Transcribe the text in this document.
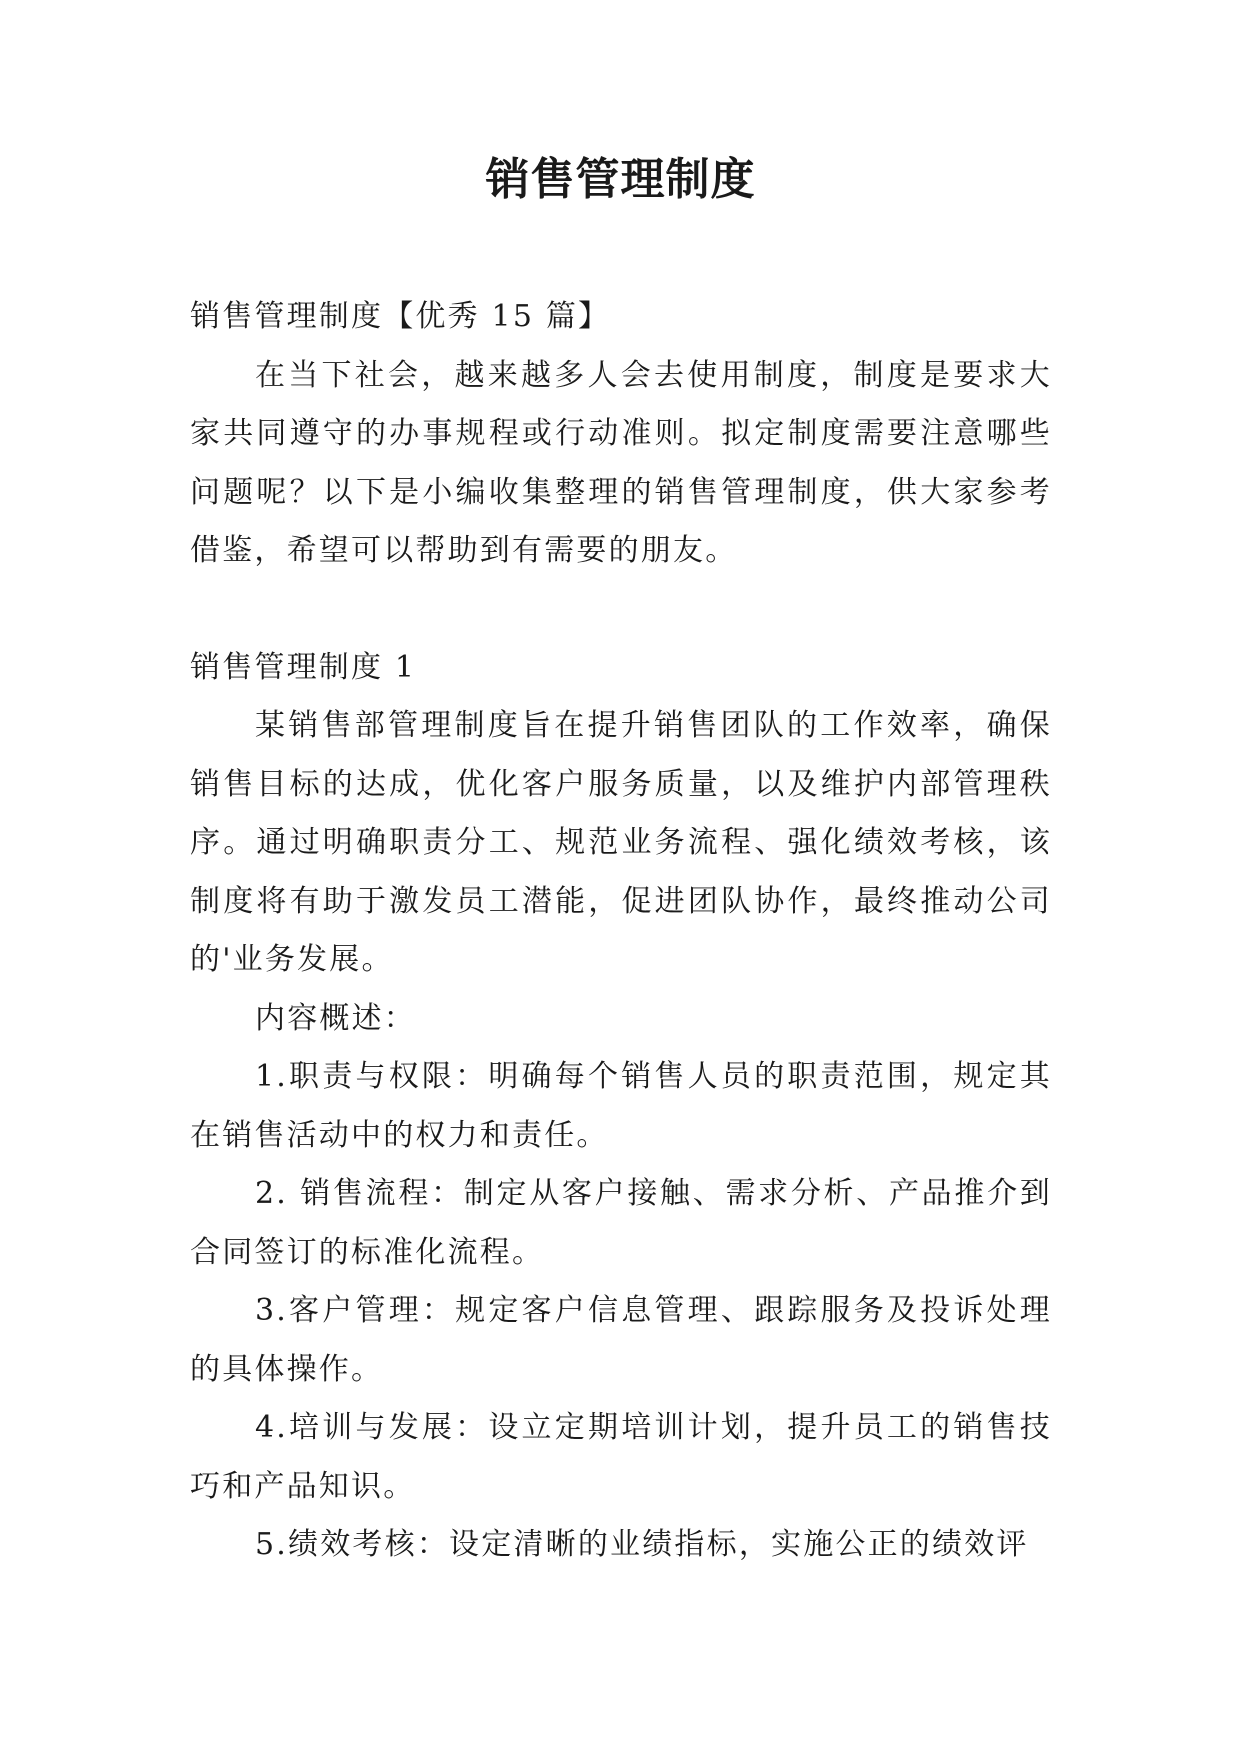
销售管理制度

销售管理制度【优秀 15 篇】

在当下社会，越来越多人会去使用制度，制度是要求大家共同遵守的办事规程或行动准则。拟定制度需要注意哪些问题呢？以下是小编收集整理的销售管理制度，供大家参考借鉴，希望可以帮助到有需要的朋友。

销售管理制度 1

某销售部管理制度旨在提升销售团队的工作效率，确保销售目标的达成，优化客户服务质量，以及维护内部管理秩序。通过明确职责分工、规范业务流程、强化绩效考核，该制度将有助于激发员工潜能，促进团队协作，最终推动公司的'业务发展。

内容概述：

1.职责与权限：明确每个销售人员的职责范围，规定其在销售活动中的权力和责任。

2. 销售流程：制定从客户接触、需求分析、产品推介到合同签订的标准化流程。

3.客户管理：规定客户信息管理、跟踪服务及投诉处理的具体操作。

4.培训与发展：设立定期培训计划，提升员工的销售技巧和产品知识。

5.绩效考核：设定清晰的业绩指标，实施公正的绩效评
